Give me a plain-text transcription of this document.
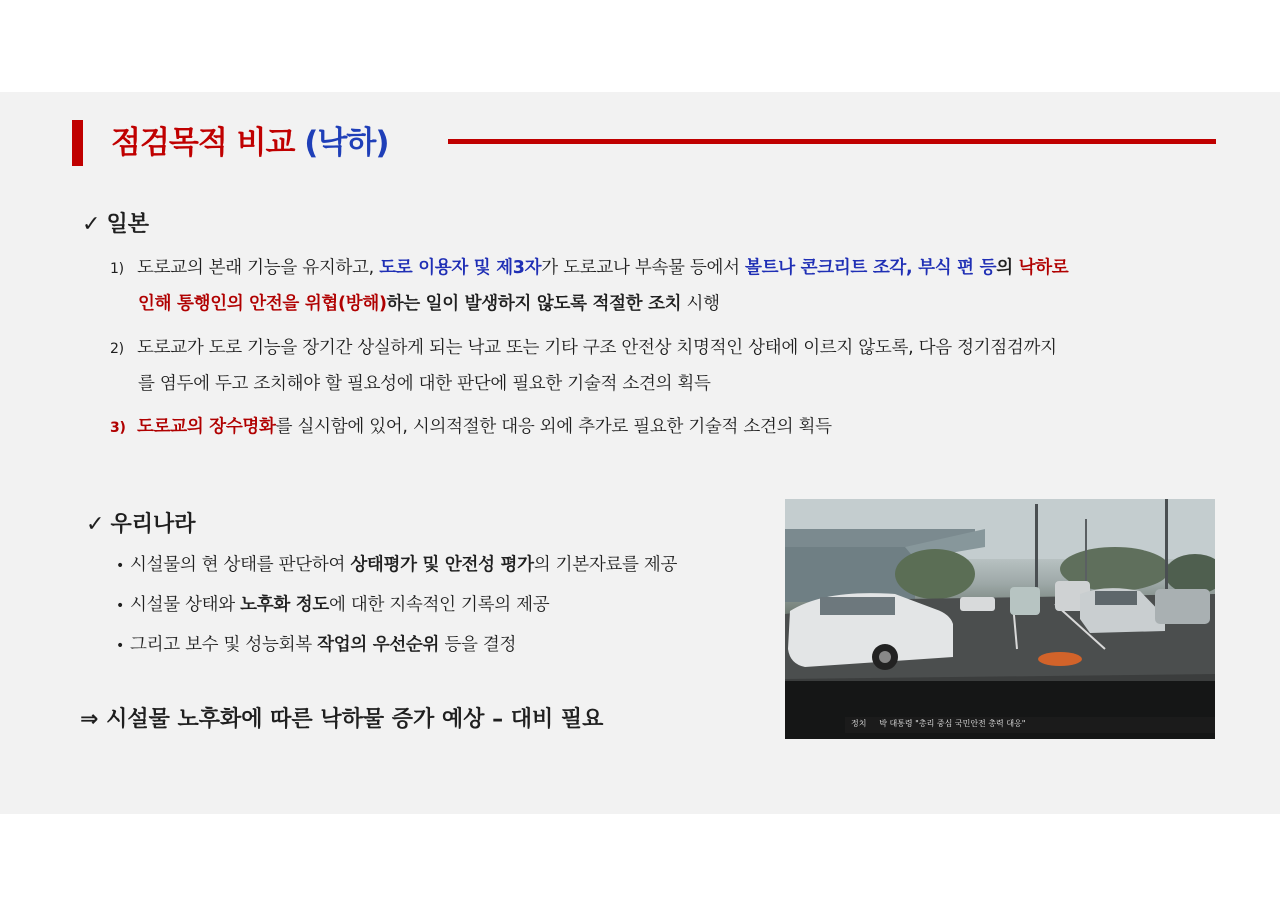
점검목적 비교 (낙하)
✓ 일본
1) 도로교의 본래 기능을 유지하고, 도로 이용자 및 제3자가 도로교나 부속물 등에서 볼트나 콘크리트 조각, 부식 편 등의 낙하로
인해 통행인의 안전을 위협(방해)하는 일이 발생하지 않도록 적절한 조치 시행
2) 도로교가 도로 기능을 장기간 상실하게 되는 낙교 또는 기타 구조 안전상 치명적인 상태에 이르지 않도록, 다음 정기점검까지
를 염두에 두고 조치해야 할 필요성에 대한 판단에 필요한 기술적 소견의 획득
3) 도로교의 장수명화를 실시함에 있어, 시의적절한 대응 외에 추가로 필요한 기술적 소견의 획득
✓ 우리나라
• 시설물의 현 상태를 판단하여 상태평가 및 안전성 평가의 기본자료를 제공
• 시설물 상태와 노후화 정도에 대한 지속적인 기록의 제공
• 그리고 보수 및 성능회복 작업의 우선순위 등을 결정
⇒ 시설물 노후화에 따른 낙하물 증가 예상 – 대비 필요	정치 박 대통령 "총리 중심 국민안전 총력 대응"
